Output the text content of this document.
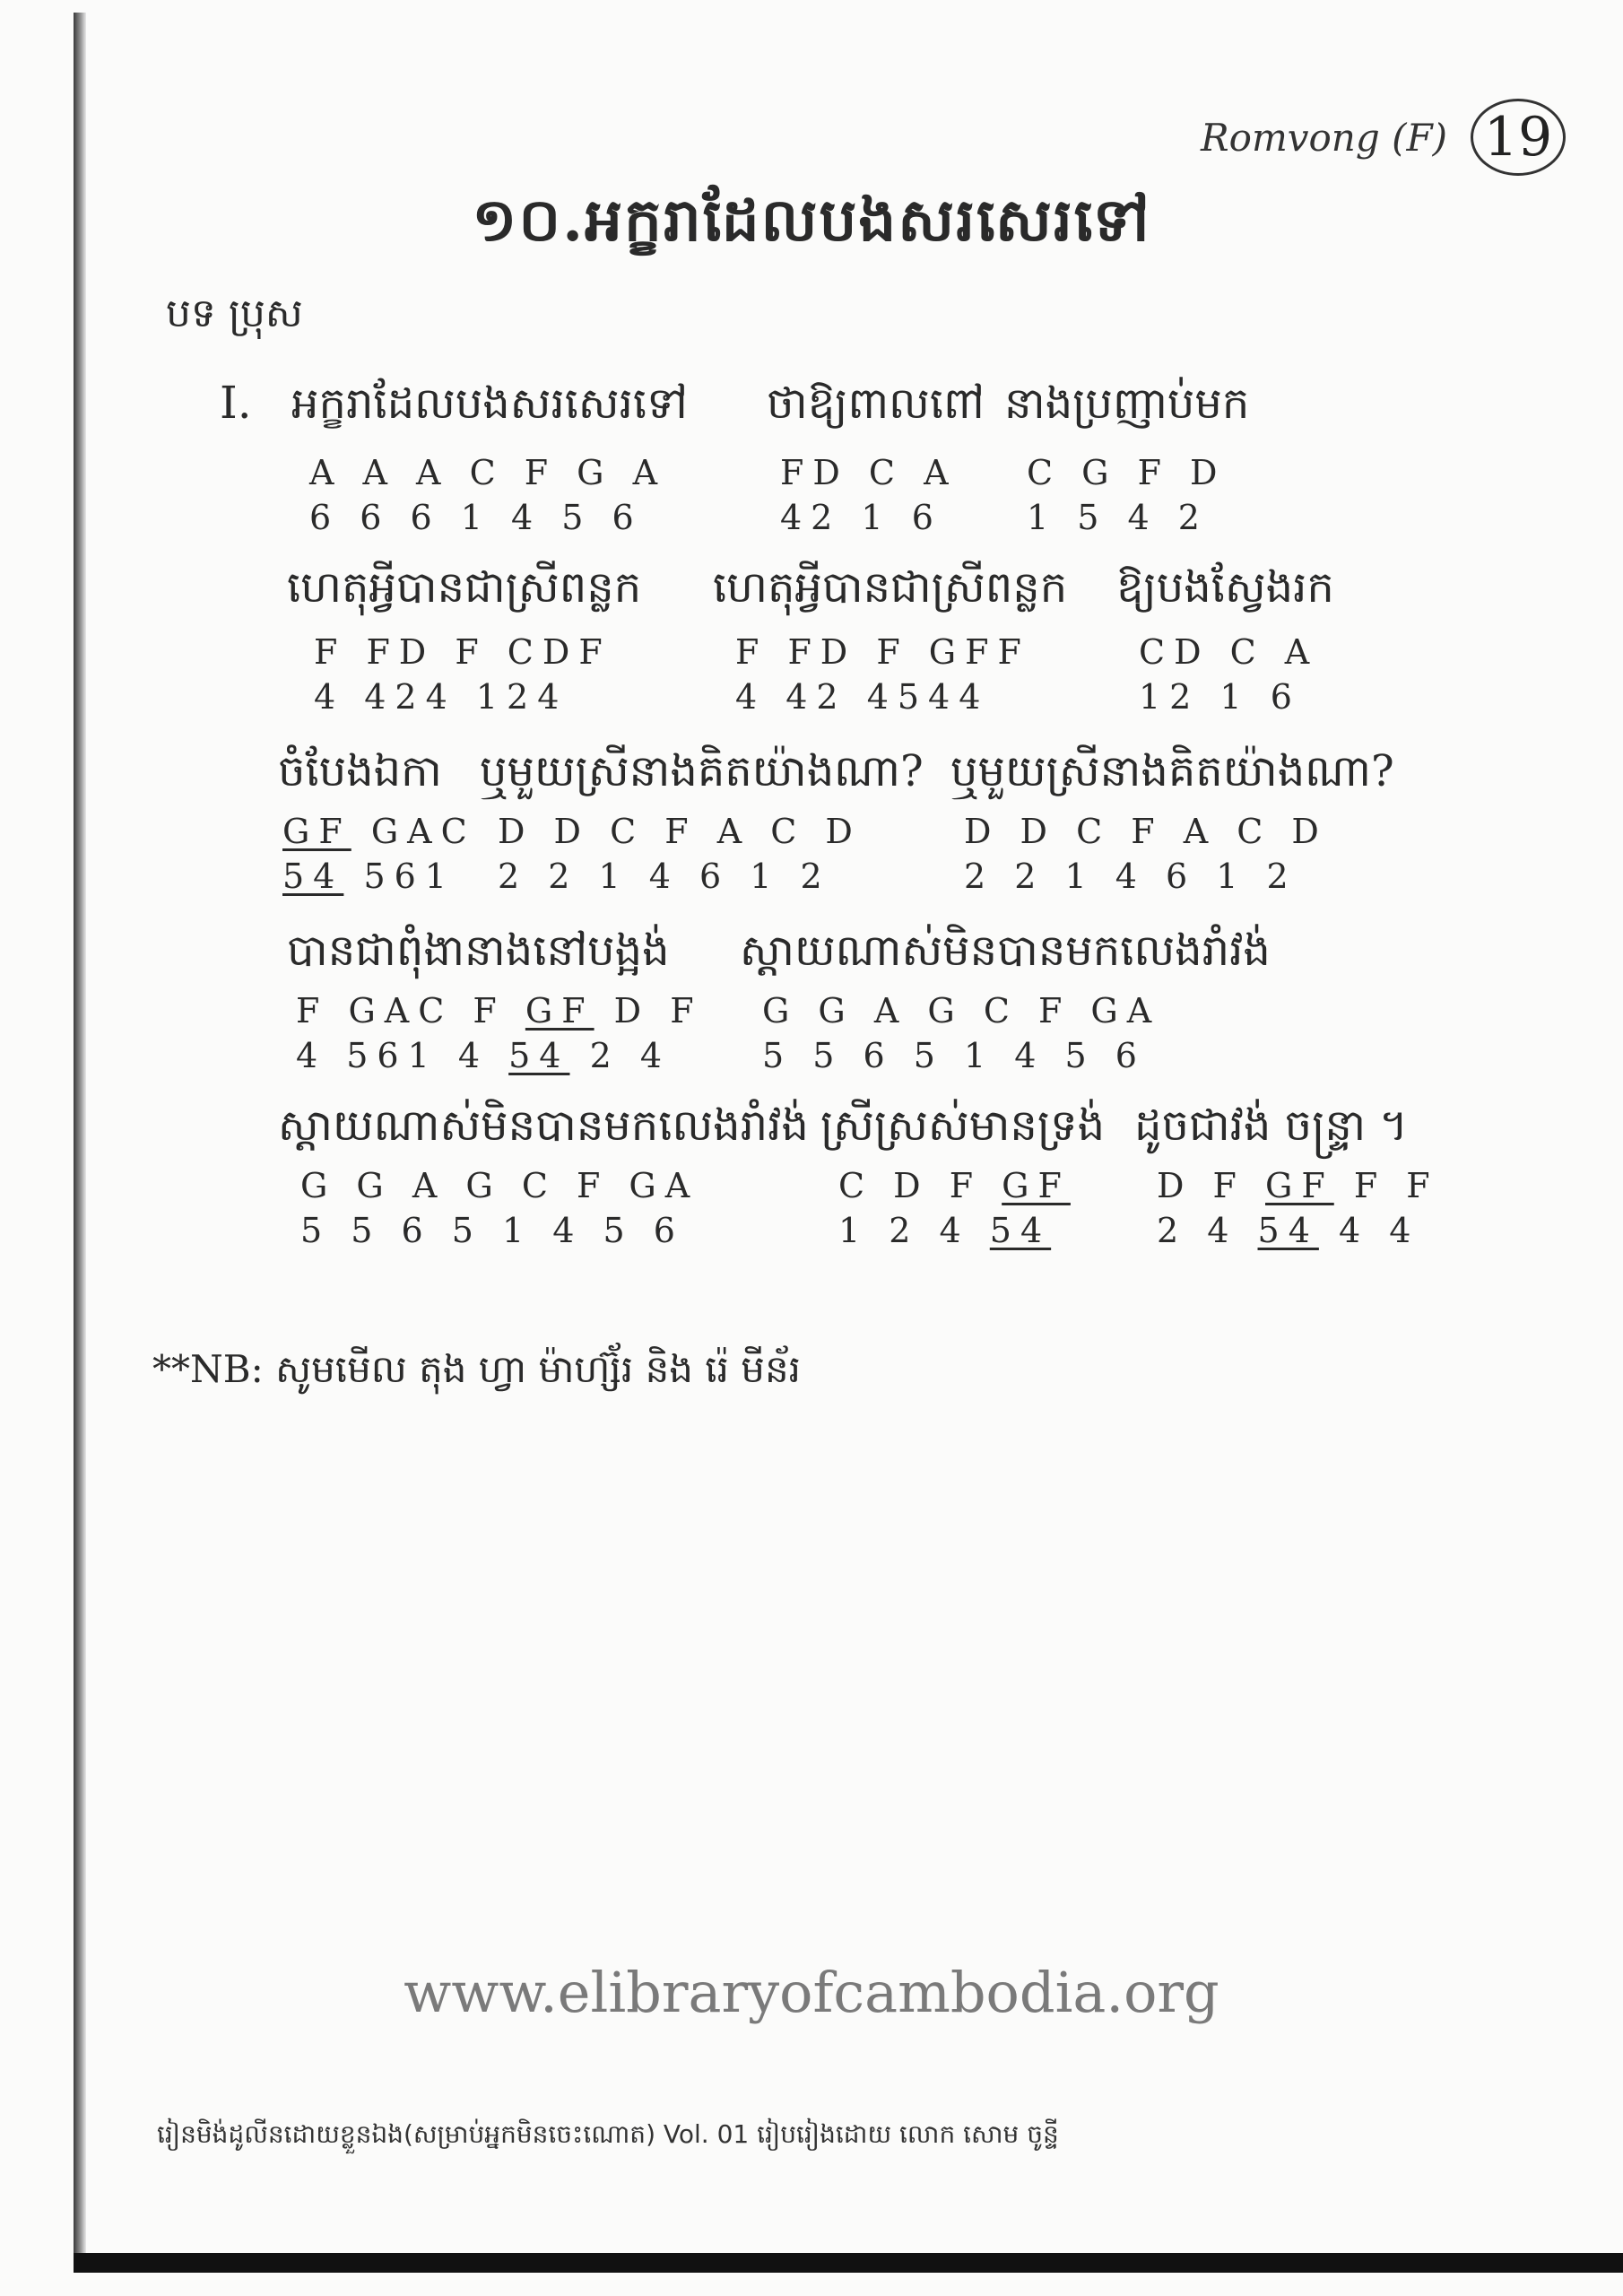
Romvong (F) 19
១០.អក្ខរាដែលបងសរសេរទៅ
បទ ប្រុស
I. អក្ខរាដែលបងសរសេរទៅ ថាឱ្យពាលពៅ នាងប្រញាប់មក
A A A C F G A	FD C A C G F D
6 6 6 1 4 5 6	42 1 6 1 5 4 2
ហេតុអ្វីបានជាស្រីពន្លក ហេតុអ្វីបានជាស្រីពន្លក ឱ្យបងស្វែងរក
F FD F CDF	F FD F GFF	CD C A
4 424 124	4 42 4544	12 1 6
ចំបែងឯកា ឬមួយស្រីនាងគិតយ៉ាងណា? ឬមួយស្រីនាងគិតយ៉ាងណា?
GF GAC D D C F A C D	D D C F A C D
54 561 2 2 1 4 6 1 2	2 2 1 4 6 1 2
បានជាពុំងានាងនៅបង្អង់ ស្តាយណាស់មិនបានមកលេងរាំវង់
F GAC F GF D F G G A G C F GA
4 561 4 54 2 4	5 5 6 5 1 4 5 6
ស្តាយណាស់មិនបានមកលេងរាំវង់ ស្រីស្រស់មានទ្រង់ ដូចជាវង់ ចន្ទ្រា ។
G G A G C F GA	C D F GF	D F GF F F
5 5 6 5 1 4 5 6	1 2 4 54	2 4 54 4 4
**NB: សូមមើល តុង ហ្វា ម៉ាហ្ស៊័រ និង រ៉េ មីន័រ
www.elibraryofcambodia.org
រៀនមិង់ដូលីនដោយខ្លួនឯង(សម្រាប់អ្នកមិនចេះណោត) Vol. 01 រៀបរៀងដោយ លោក សោម ចូន្ទី
